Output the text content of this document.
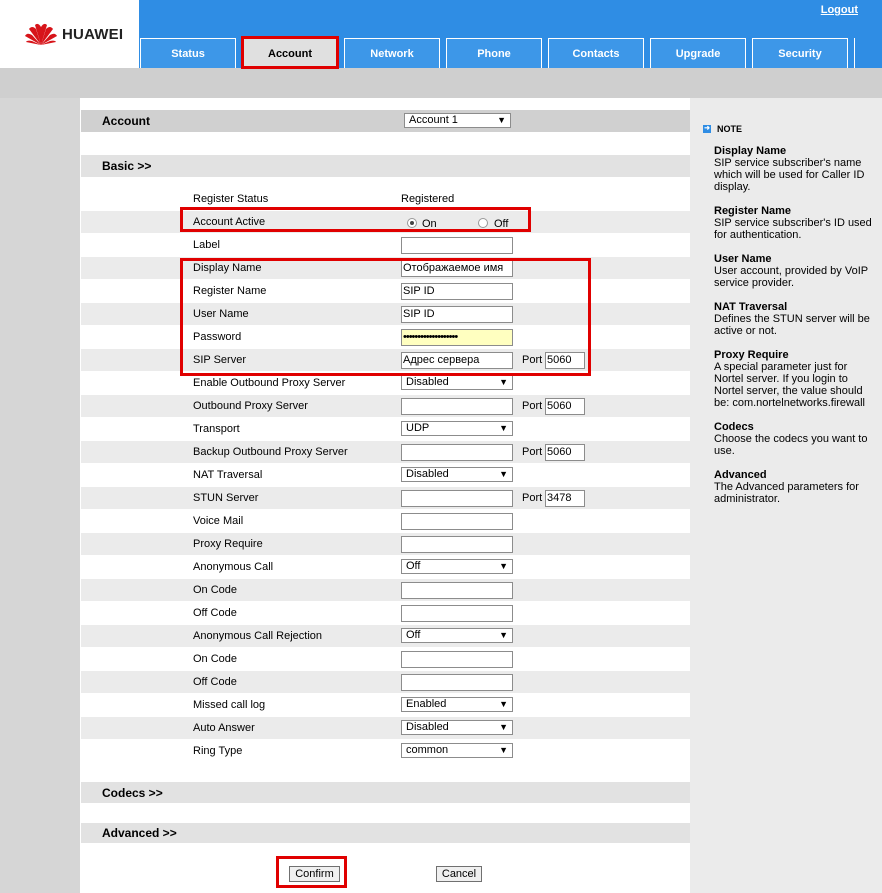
HUAWEI
Logout
Status	Account	Network	Phone	Contacts	Upgrade	Security
Account	Account 1 ▼
Basic >>
Register Status	Registered
Account Active	On	Off
Label
Display Name	Отображаемое имя
Register Name	SIP ID
User Name	SIP ID
Password	•••••••••••••••••••
SIP Server	Адрес сервера	Port 5060
Enable Outbound Proxy Server	Disabled ▼
Outbound Proxy Server	Port 5060
Transport	UDP ▼
Backup Outbound Proxy Server	Port 5060
NAT Traversal	Disabled ▼
STUN Server	Port 3478
Voice Mail
Proxy Require
Anonymous Call	Off ▼
On Code
Off Code
Anonymous Call Rejection	Off ▼
On Code
Off Code
Missed call log	Enabled ▼
Auto Answer	Disabled ▼
Ring Type	common ▼
Codecs >>
Advanced >>
Confirm	Cancel
➜ NOTE
Display Name
SIP service subscriber's name which will be used for Caller ID display.
Register Name
SIP service subscriber's ID used for authentication.
User Name
User account, provided by VoIP service provider.
NAT Traversal
Defines the STUN server will be active or not.
Proxy Require
A special parameter just for Nortel server. If you login to Nortel server, the value should be: com.nortelnetworks.firewall
Codecs
Choose the codecs you want to use.
Advanced
The Advanced parameters for administrator.
